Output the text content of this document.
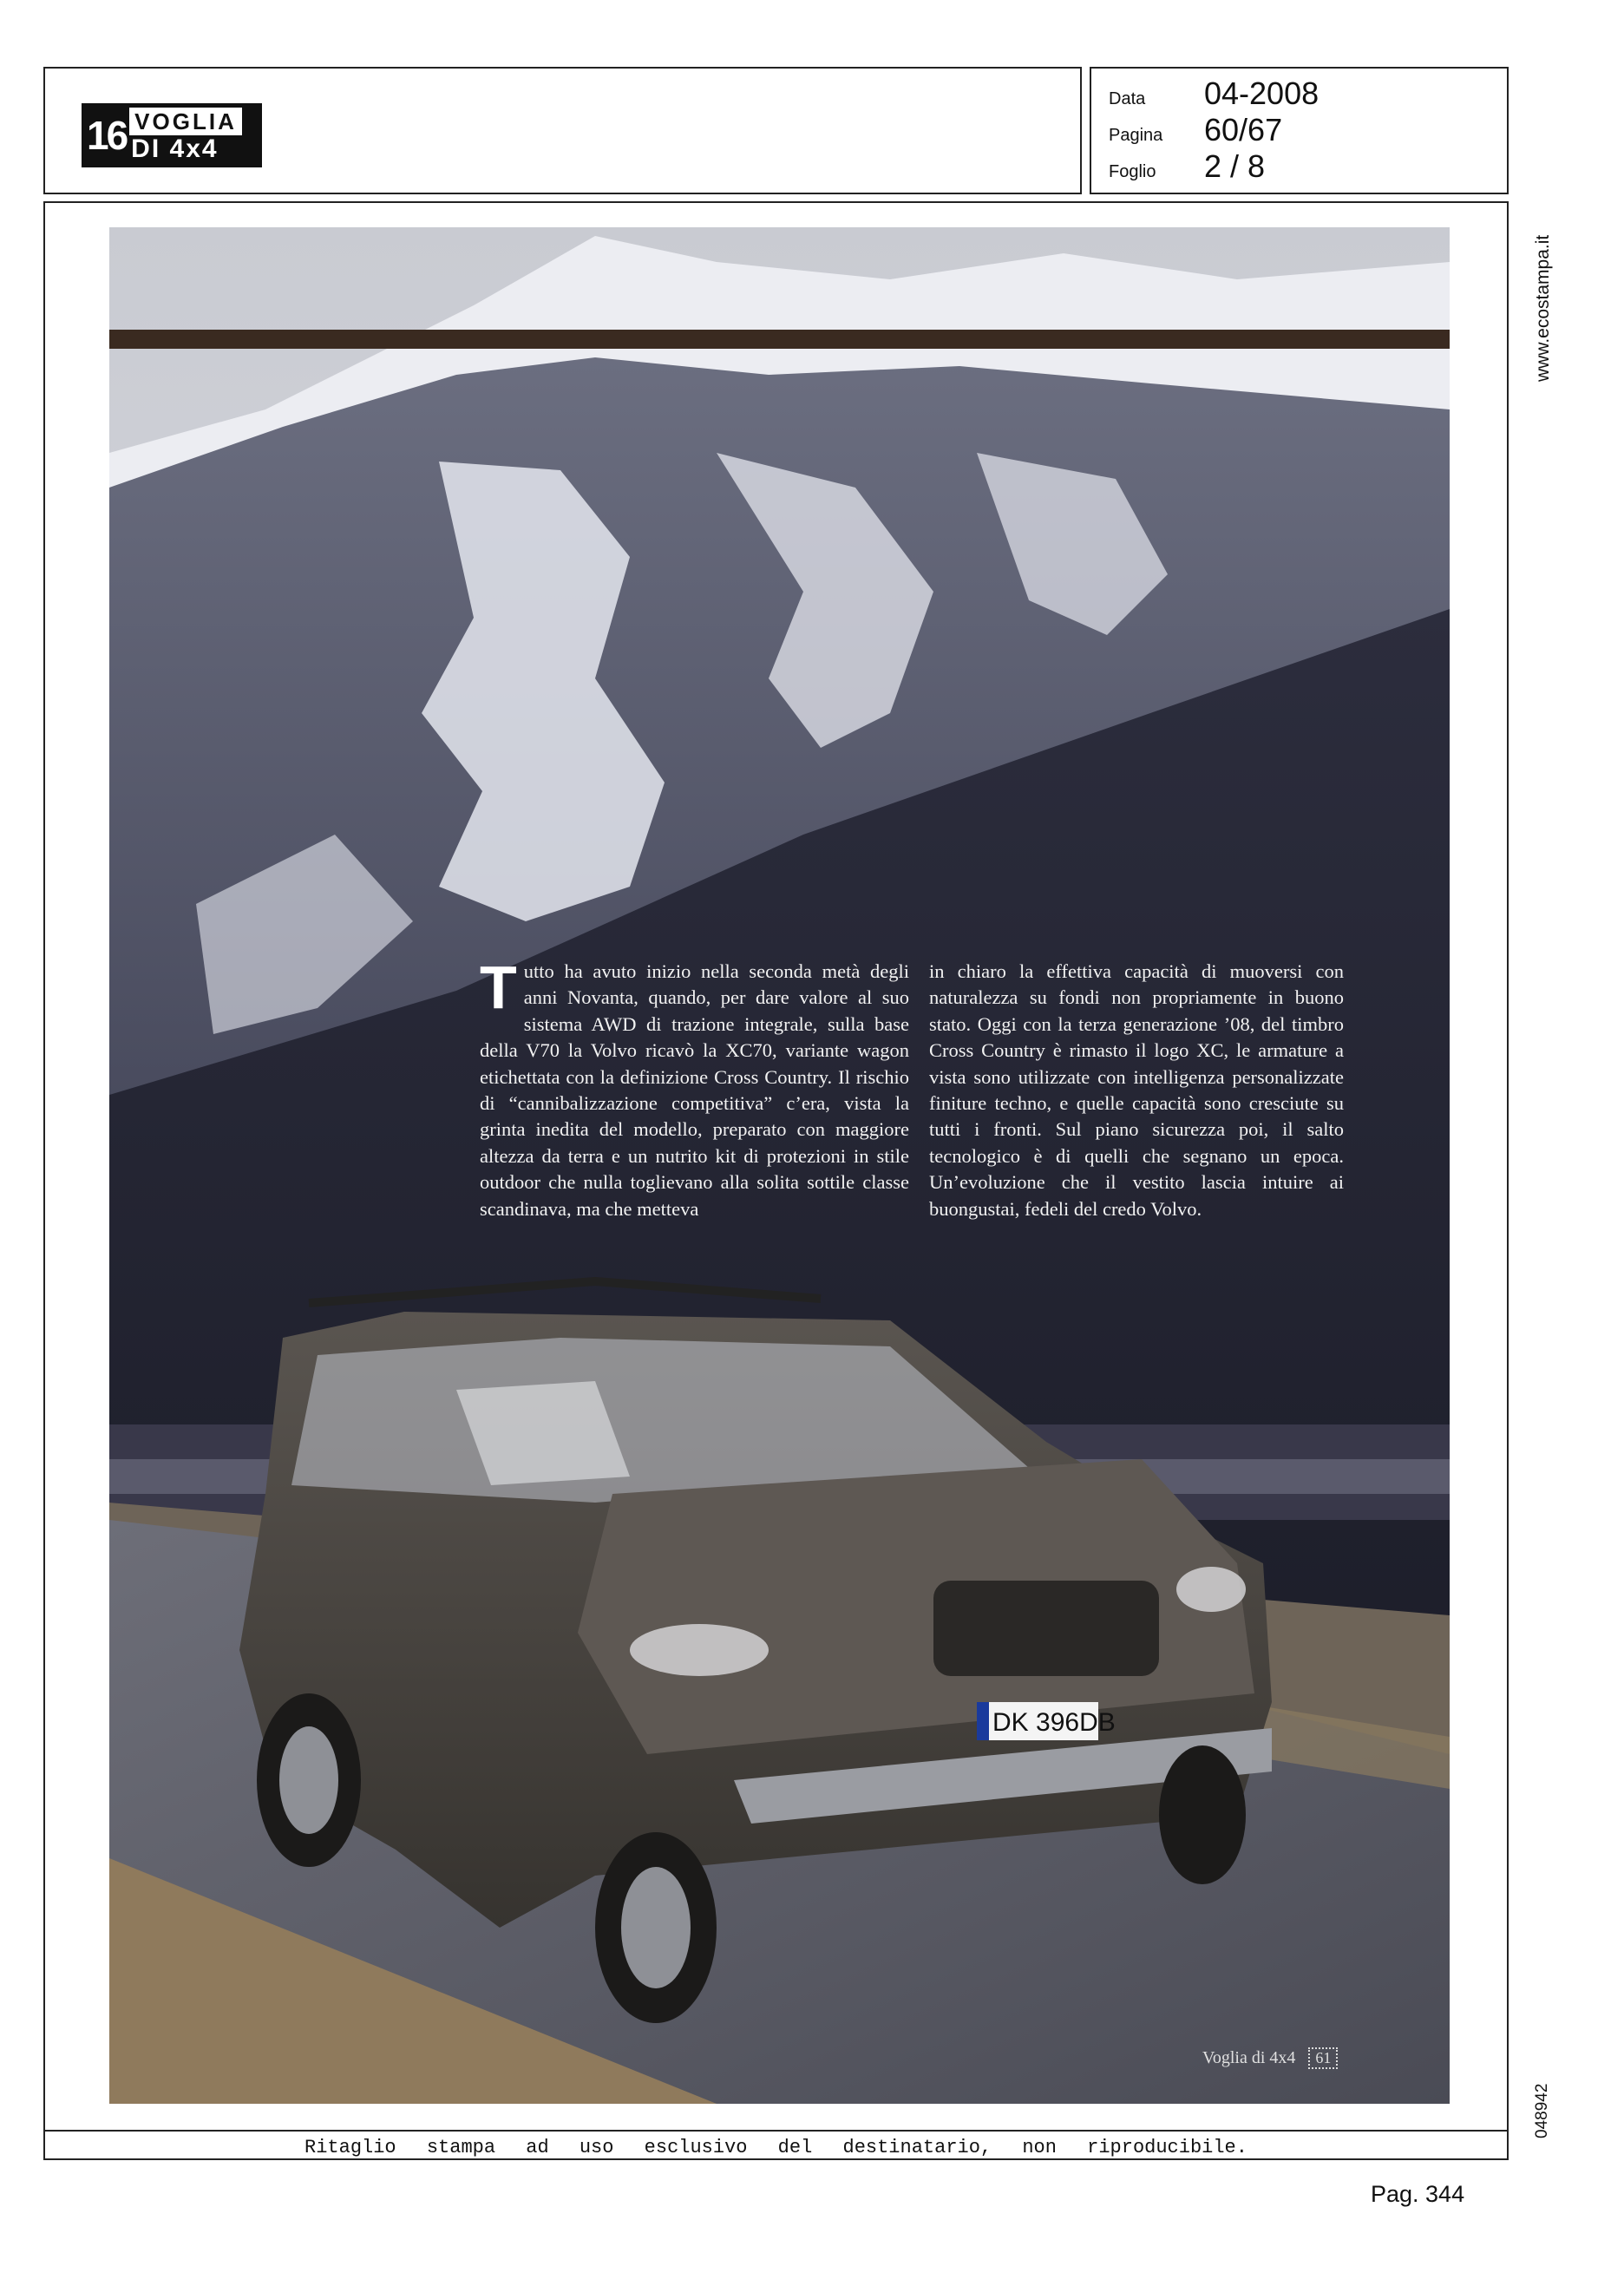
16 VOGLIA
DI 4x4
Data	04-2008
Pagina	60/67
Foglio	2 / 8
www.ecostampa.it
048942
DK 396DB
Voglia di 4x4 61
Tutto ha avuto inizio nella seconda metà degli anni Novanta, quando, per dare valore al suo sistema AWD di trazione integrale, sulla base della V70 la Volvo ricavò la XC70, variante wagon etichettata con la definizione Cross Country. Il rischio di “cannibalizzazione competitiva” c’era, vista la grinta inedita del modello, preparato con maggiore altezza da terra e un nutrito kit di protezioni in stile outdoor che nulla toglievano alla solita sottile classe scandinava, ma che metteva
in chiaro la effettiva capacità di muoversi con naturalezza su fondi non propriamente in buono stato. Oggi con la terza generazione ’08, del timbro Cross Country è rimasto il logo XC, le armature a vista sono utilizzate con intelligenza personalizzate finiture techno, e quelle capacità sono cresciute su tutti i fronti. Sul piano sicurezza poi, il salto tecnologico è di quelli che segnano un epoca. Un’evoluzione che il vestito lascia intuire ai buongustai, fedeli del credo Volvo.
Ritaglio stampa ad uso esclusivo del destinatario, non riproducibile.
Pag. 344
